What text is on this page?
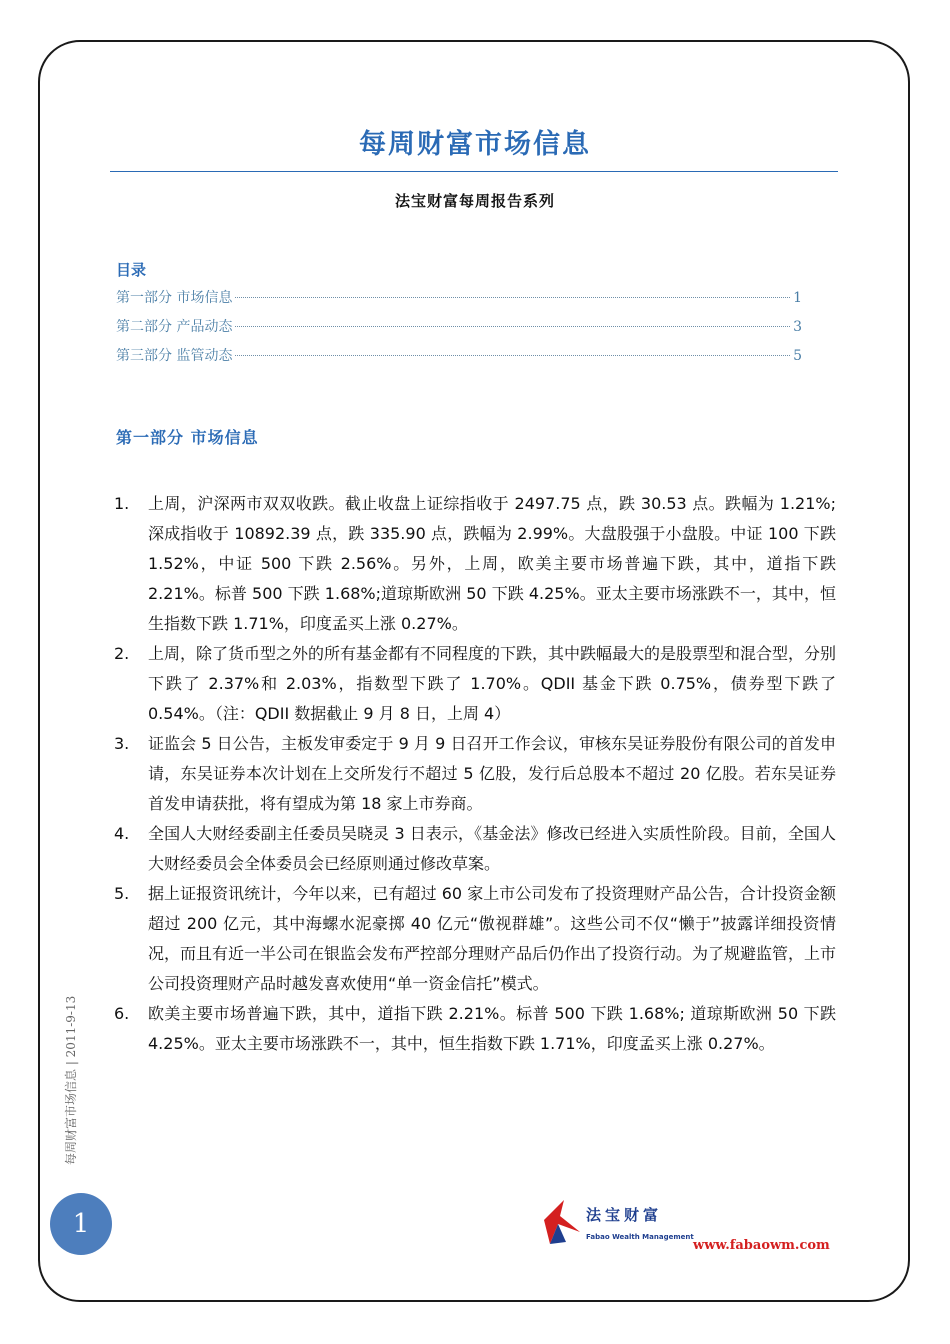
每周财富市场信息
法宝财富每周报告系列
目录
第一部分 市场信息	1
第二部分 产品动态	3
第三部分 监管动态	5
第一部分 市场信息
1.	上周，沪深两市双双收跌。截止收盘上证综指收于 2497.75 点，跌 30.53 点。跌幅为 1.21%;深成指收于 10892.39 点，跌 335.90 点，跌幅为 2.99%。大盘股强于小盘股。中证 100 下跌 1.52%，中证 500 下跌 2.56%。另外，上周，欧美主要市场普遍下跌，其中，道指下跌 2.21%。标普 500 下跌 1.68%;道琼斯欧洲 50 下跌 4.25%。亚太主要市场涨跌不一，其中，恒生指数下跌 1.71%，印度孟买上涨 0.27%。
2.	上周，除了货币型之外的所有基金都有不同程度的下跌，其中跌幅最大的是股票型和混合型，分别下跌了 2.37%和 2.03%，指数型下跌了 1.70%。QDII 基金下跌 0.75%，债券型下跌了 0.54%。（注：QDII 数据截止 9 月 8 日，上周 4）
3.	证监会 5 日公告，主板发审委定于 9 月 9 日召开工作会议，审核东吴证券股份有限公司的首发申请，东吴证券本次计划在上交所发行不超过 5 亿股，发行后总股本不超过 20 亿股。若东吴证券首发申请获批，将有望成为第 18 家上市券商。
4.	全国人大财经委副主任委员吴晓灵 3 日表示，《基金法》修改已经进入实质性阶段。目前，全国人大财经委员会全体委员会已经原则通过修改草案。
5.	据上证报资讯统计，今年以来，已有超过 60 家上市公司发布了投资理财产品公告，合计投资金额超过 200 亿元，其中海螺水泥豪掷 40 亿元“傲视群雄”。这些公司不仅“懒于”披露详细投资情况，而且有近一半公司在银监会发布严控部分理财产品后仍作出了投资行动。为了规避监管，上市公司投资理财产品时越发喜欢使用“单一资金信托”模式。
6.	欧美主要市场普遍下跌，其中，道指下跌 2.21%。标普 500 下跌 1.68%; 道琼斯欧洲 50 下跌 4.25%。亚太主要市场涨跌不一，其中，恒生指数下跌 1.71%，印度孟买上涨 0.27%。
每周财富市场信息 | 2011-9-13
1	法宝财富
Fabao Wealth Management
www.fabaowm.com
